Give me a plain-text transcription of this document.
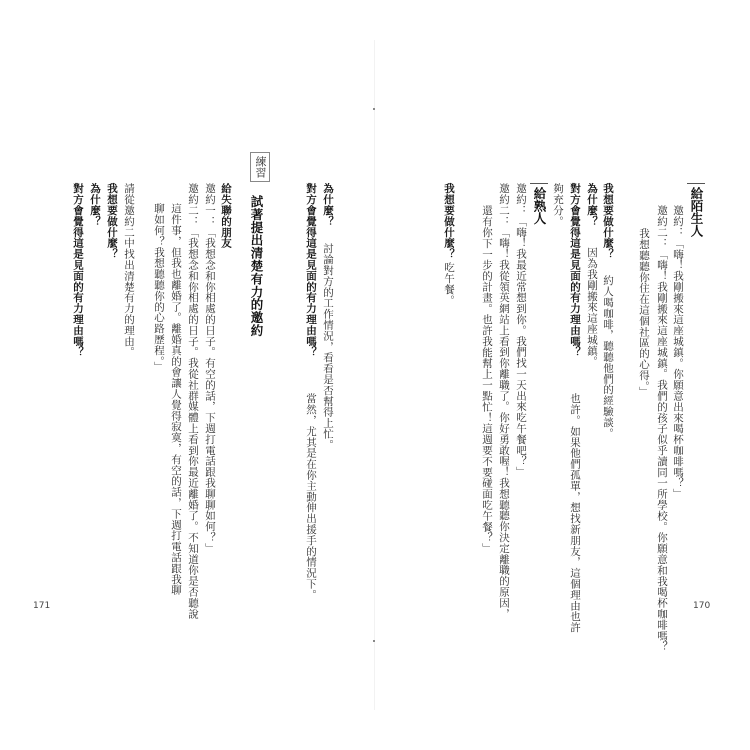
給陌生人
邀約：「嗨！我剛搬來這座城鎮。你願意出來喝杯咖啡嗎？」
邀約二：「嗨！我剛搬來這座城鎮。我們的孩子似乎讀同一所學校。你願意和我喝杯咖啡嗎？
我想聽聽你住在這個社區的心得。」
我想要做什麼？
約人喝咖啡，聽聽他們的經驗談。
為什麼？
因為我剛搬來這座城鎮。
對方會覺得這是見面的有力理由嗎？
也許。如果他們孤單，想找新朋友，這個理由也許
夠充分。
給熟人
邀約：「嗨！我最近常想到你。我們找一天出來吃午餐吧？」
邀約二：「嗨！我從領英網站上看到你離職了。你好勇敢喔！我想聽聽你決定離職的原因，
還有你下一步的計畫。也許我能幫上一點忙！這週要不要碰面吃午餐？」
我想要做什麼？
吃午餐。
170
為什麼？
討論對方的工作情況，看看是否幫得上忙。
對方會覺得這是見面的有力理由嗎？
當然，尤其是在你主動伸出援手的情況下。
練習
試著提出清楚有力的邀約
給失聯的朋友
邀約一：「我想念和你相處的日子。有空的話，下週打電話跟我聊聊如何？」
邀約二：「我想念和你相處的日子。我從社群媒體上看到你最近離婚了。不知道你是否聽說
這件事，但我也離婚了。離婚真的會讓人覺得寂寞，有空的話，下週打電話跟我聊
聊如何？我想聽聽你的心路歷程。」
請從邀約二中找出清楚有力的理由。
我想要做什麼？
為什麼？
對方會覺得這是見面的有力理由嗎？
171
